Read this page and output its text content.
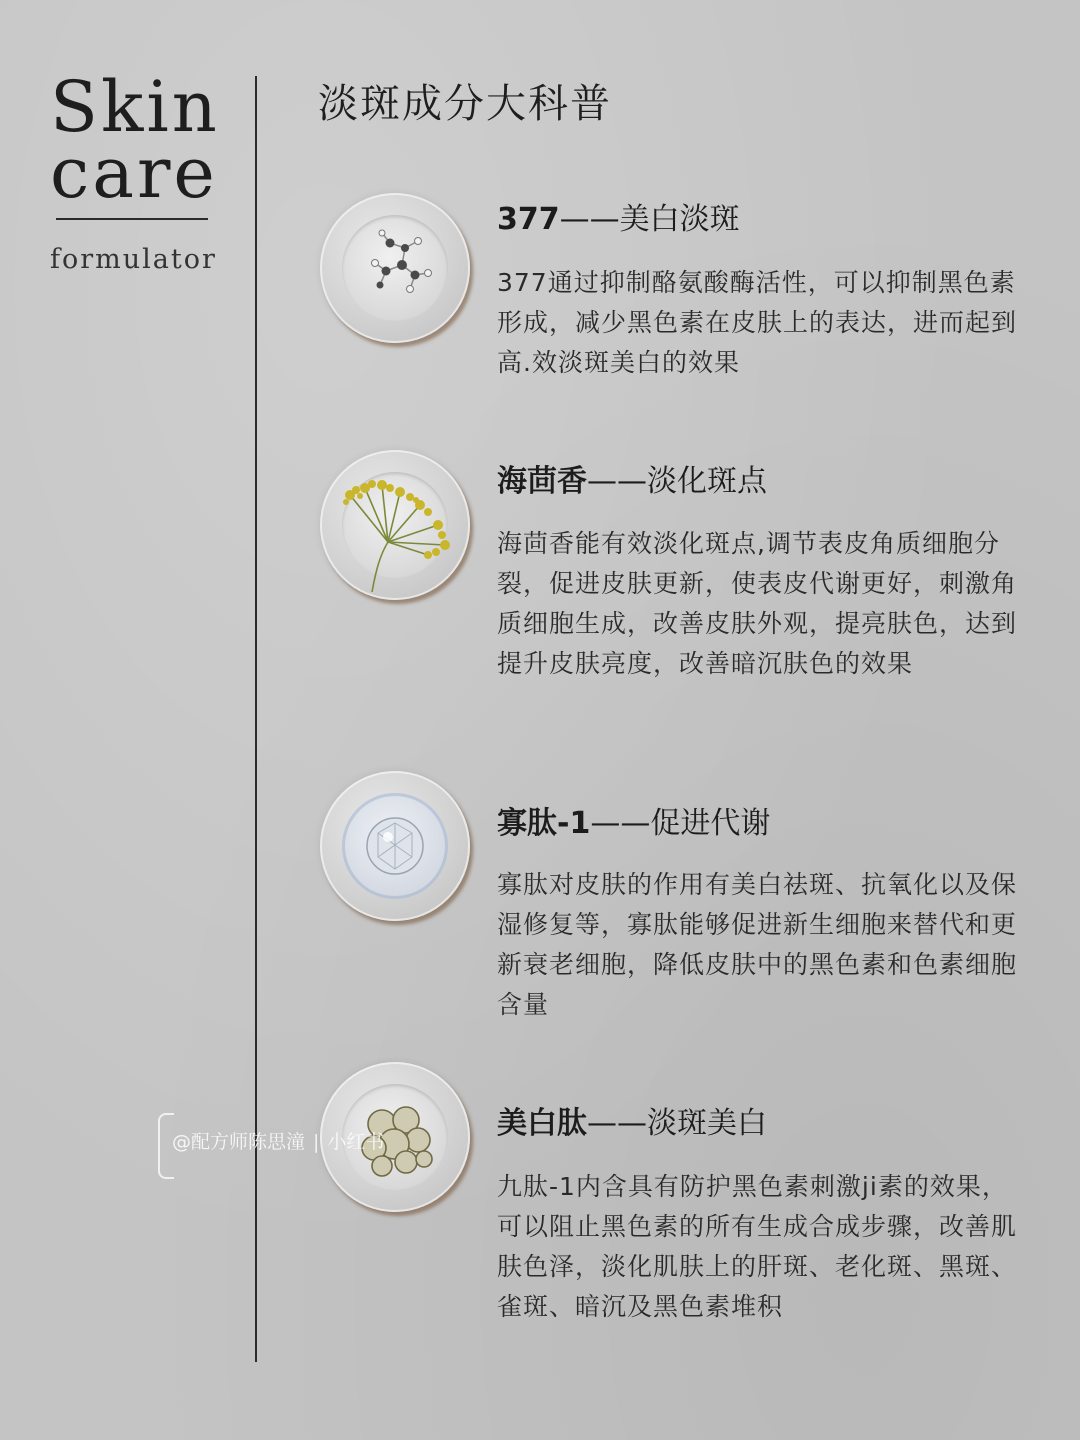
Skin
care
formulator
淡斑成分大科普
377——美白淡斑

377通过抑制酪氨酸酶活性，可以抑制黑色素形成，减少黑色素在皮肤上的表达，进而起到高.效淡斑美白的效果

海茴香——淡化斑点

海茴香能有效淡化斑点,调节表皮角质细胞分裂，促进皮肤更新，使表皮代谢更好，刺激角质细胞生成，改善皮肤外观，提亮肤色，达到提升皮肤亮度，改善暗沉肤色的效果

寡肽-1——促进代谢

寡肽对皮肤的作用有美白祛斑、抗氧化以及保湿修复等，寡肽能够促进新生细胞来替代和更新衰老细胞，降低皮肤中的黑色素和色素细胞含量

美白肽——淡斑美白

九肽-1内含具有防护黑色素刺激ji素的效果，可以阻止黑色素的所有生成合成步骤，改善肌肤色泽，淡化肌肤上的肝斑、老化斑、黑斑、雀斑、暗沉及黑色素堆积

@配方师陈思潼 | 小红书
